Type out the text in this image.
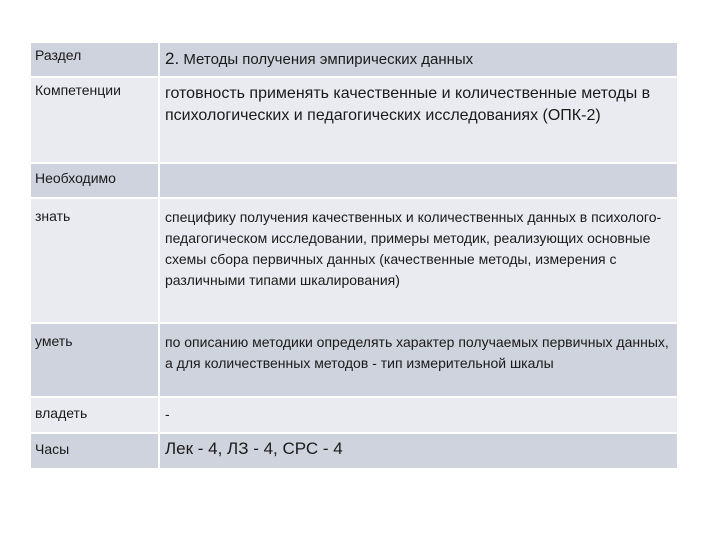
Раздел	2. Методы получения эмпирических данных
Компетенции	готовность применять качественные и количественные методы в психологических и педагогических исследованиях (ОПК-2)
Необходимо	
знать	специфику получения качественных и количественных данных в психолого-педагогическом исследовании, примеры методик, реализующих основные схемы сбора первичных данных (качественные методы, измерения с различными типами шкалирования)
уметь	по описанию методики определять характер получаемых первичных данных, а для количественных методов - тип измерительной шкалы
владеть	-
Часы	Лек - 4, ЛЗ - 4, СРС - 4
